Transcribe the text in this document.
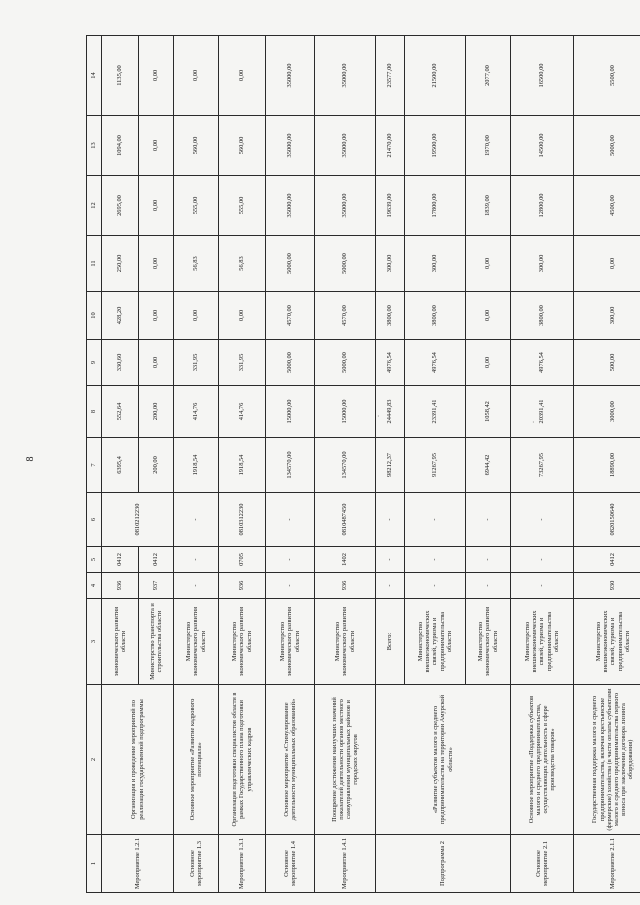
8
·
·
1	2	3	4	5	6	7	8	9	10	11	12	13	14
Мероприятие 1.2.1	Организация и проведение мероприятий по реализации государственной подпрограммы	экономического развития области	936	0412	0810212230	6395,4	552,64	330,60	428,20	250,00	2695,00	1094,00	1135,00
		Министерство транспорта и строительства области	937	0412		200,00	200,00	0,00	0,00	0,00	0,00	0,00	0,00
Основное мероприятие 1.3	Основное мероприятие «Развитие кадрового потенциала»	Министерство экономического развития области	-	-	-	1918,54	414,76	331,95	0,00	56,83	555,00	560,00	0,00
Мероприятие 1.3.1	Организация подготовки специалистов области в рамках Государственного плана подготовки управленческих кадров	Министерство экономического развития области	936	0705	0810312230	1918,54	414,76	331,95	0,00	56,83	555,00	560,00	0,00
Основное мероприятие 1.4	Основное мероприятие «Стимулирование деятельности муниципальных образований»	Министерство экономического развития области	-	-	-	134570,00	15000,00	5000,00	4570,00	5000,00	35000,00	35000,00	35000,00
Мероприятие 1.4.1	Поощрение достижения наилучших значений показателей деятельности органов местного самоуправления муниципальных районов и городских округов	Министерство экономического развития области	936	1402	0810487450	134570,00	15000,00	5000,00	4570,00	5000,00	35000,00	35000,00	35000,00
Подпрограмма 2	«Развитие субъектов малого и среднего предпринимательства на территории Амурской области»	Всего:	-	-	-	98212,37	24449,83	4976,54	3800,00	300,00	19639,00	21470,00	23577,00
		Министерство внешнеэкономических связей, туризма и предпринимательства области	-	-	-	91267,95	23391,41	4976,54	3800,00	300,00	17800,00	19500,00	21500,00
		Министерство экономического развития области	-	-	-	6944,42	1058,42	0,00	0,00	0,00	1839,00	1970,00	2077,00
Основное мероприятие 2.1	Основное мероприятие «Поддержка субъектов малого и среднего предпринимательства, осуществляющих деятельность в сфере производства товаров»	Министерство внешнеэкономических связей, туризма и предпринимательства области	-	-	-	73267,95	20391,41	4976,54	3800,00	300,00	12800,00	14500,00	16500,00
Мероприятие 2.1.1	Государственная поддержка малого и среднего предпринимательства, включая крестьянские (фермерские) хозяйства (в части оплаты субъектами малого и среднего предпринимательства первого взноса при заключении договора лизинга оборудования)	Министерство внешнеэкономических связей, туризма и предпринимательства области	930	0412	0820150640	18890,00	3000,00	500,00	300,00	0,00	4500,00	5000,00	5500,00
